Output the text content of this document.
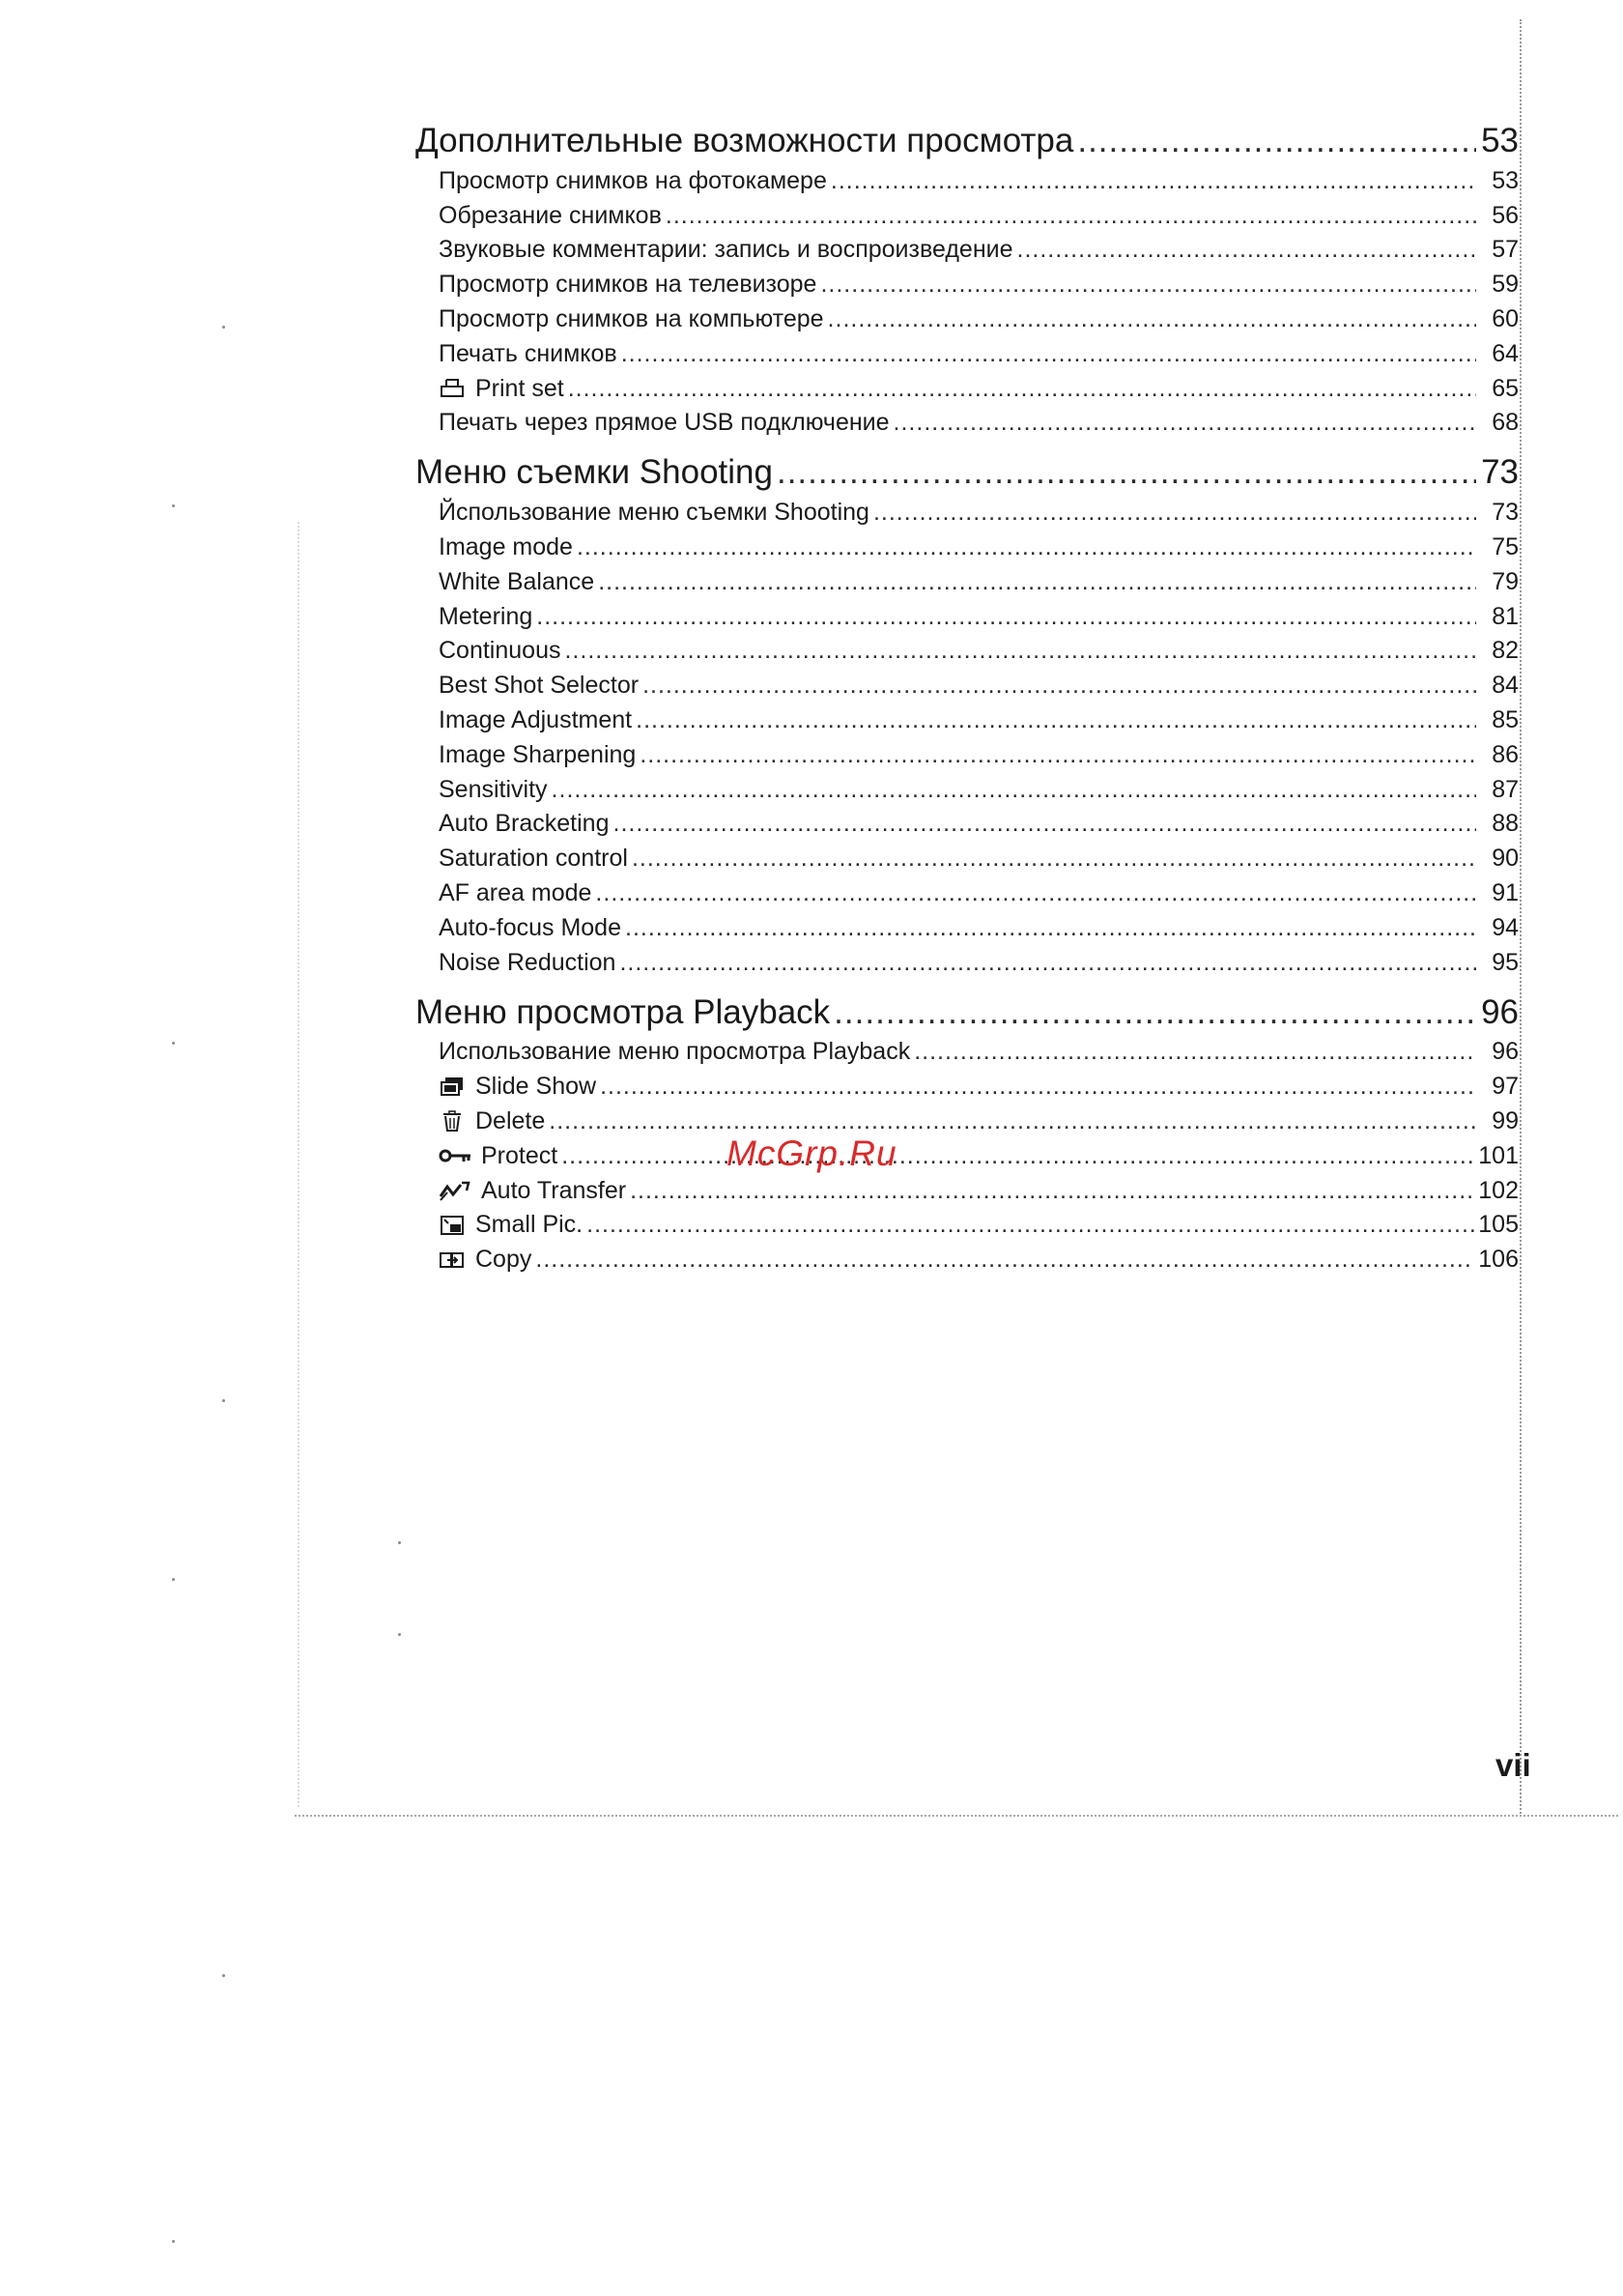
Дополнительные возможности просмотра .....	53
Просмотр снимков на фотокамере .....	53
Обрезание снимков .....	56
Звуковые комментарии: запись и воспроизведение .....	57
Просмотр снимков на телевизоре .....	59
Просмотр снимков на компьютере .....	60
Печать снимков .....	64
Print set .....	65
Печать через прямое USB подключение .....	68
Меню съемки Shooting .....	73
Йспользование меню съемки Shooting .....	73
Image mode .....	75
White Balance .....	79
Metering .....	81
Continuous .....	82
Best Shot Selector .....	84
Image Adjustment .....	85
Image Sharpening .....	86
Sensitivity .....	87
Auto Bracketing .....	88
Saturation control .....	90
AF area mode .....	91
Auto-focus Mode .....	94
Noise Reduction .....	95
Меню просмотра Playback .....	96
Использование меню просмотра Playback .....	96
Slide Show .....	97
Delete .....	99
Protect .....	101
Auto Transfer .....	102
Small Pic. .....	105
Copy .....	106
McGrp.Ru
vii
